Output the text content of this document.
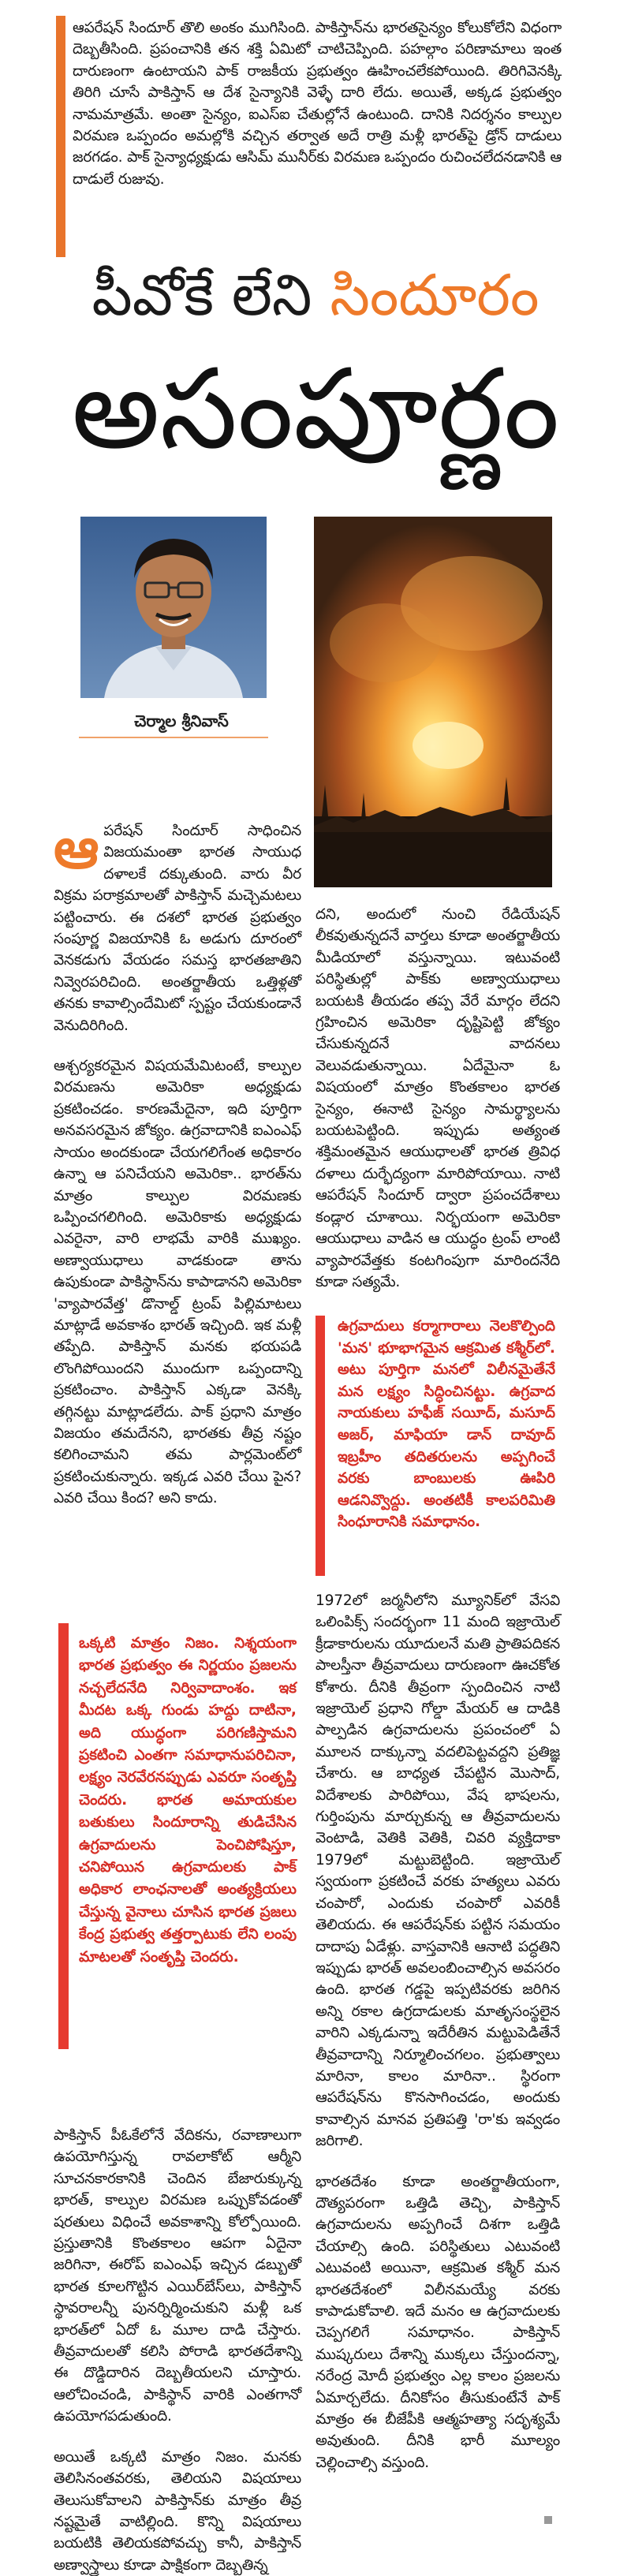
ఆపరేషన్ సిందూర్ తొలి అంకం ముగిసింది. పాకిస్తాన్‌ను భారతసైన్యం కోలుకోలేని విధంగా దెబ్బతీసింది. ప్రపంచానికి తన శక్తి ఏమిటో చాటిచెప్పింది. పహల్గాం పరిణామాలు ఇంత దారుణంగా ఉంటాయని పాక్ రాజకీయ ప్రభుత్వం ఊహించలేకపోయింది. తిరిగివెనక్కి తిరిగి చూసే పాకిస్తాన్ ఆ దేశ సైన్యానికి వెళ్ళే దారి లేదు. అయితే, అక్కడ ప్రభుత్వం నామమాత్రమే. అంతా సైన్యం, ఐఎస్ఐ చేతుల్లోనే ఉంటుంది. దానికి నిదర్శనం కాల్పుల విరమణ ఒప్పందం అమల్లోకి వచ్చిన తర్వాత అదే రాత్రి మళ్లీ భారత్‌పై డ్రోన్ దాడులు జరగడం. పాక్ సైన్యాధ్యక్షుడు ఆసిమ్ మునీర్‌కు విరమణ ఒప్పందం రుచించలేదనడానికి ఆ దాడులే రుజువు.
పీవోకే లేని సిందూరం
అసంపూర్ణం
చెర్మాల శ్రీనివాస్
ఆపరేషన్ సిందూర్ సాధించిన విజయమంతా భారత సాయుధ దళాలకే దక్కుతుంది. వారు వీర విక్రమ పరాక్రమాలతో పాకిస్తాన్ మచ్చెమటలు పట్టించారు. ఈ దశలో భారత ప్రభుత్వం సంపూర్ణ విజయానికి ఓ అడుగు దూరంలో వెనకడుగు వేయడం సమస్త భారతజాతిని నివ్వెరపరిచింది. అంతర్జాతీయ ఒత్తిళ్లతో తనకు కావాల్సిందేమిటో స్పష్టం చేయకుండానే వెనుదిరిగింది.
ఆశ్చర్యకరమైన విషయమేమిటంటే, కాల్పుల విరమణను అమెరికా అధ్యక్షుడు ప్రకటించడం. కారణమేదైనా, ఇది పూర్తిగా అనవసరమైన జోక్యం. ఉగ్రవాదానికి ఐఎంఎఫ్ సాయం అందకుండా చేయగలిగేంత అధికారం ఉన్నా ఆ పనిచేయని అమెరికా.. భారత్‌ను మాత్రం కాల్పుల విరమణకు ఒప్పించగలిగింది. అమెరికాకు అధ్యక్షుడు ఎవరైనా, వారి లాభమే వారికి ముఖ్యం. అణ్వాయుధాలు వాడకుండా తాను ఉపుకుండా పాకిస్థాన్‌ను కాపాడానని అమెరికా 'వ్యాపారవేత్త' డొనాల్డ్ ట్రంప్ పిల్లిమాటలు మాట్లాడే అవకాశం భారత్ ఇచ్చింది. ఇక మళ్లీ తప్పేది. పాకిస్తాన్ మనకు భయపడి లొంగిపోయిందని ముందుగా ఒప్పందాన్ని ప్రకటించాం. పాకిస్తాన్ ఎక్కడా వెనక్కి తగ్గినట్టు మాట్లాడలేదు. పాక్ ప్రధాని మాత్రం విజయం తమదేనని, భారతకు తీవ్ర నష్టం కలిగించామని తమ పార్లమెంట్‌లో ప్రకటించుకున్నారు. ఇక్కడ ఎవరి చేయి పైన? ఎవరి చేయి కింద? అని కాదు.
ఒక్కటి మాత్రం నిజం. నిశ్శయంగా భారత ప్రభుత్వం ఈ నిర్ణయం ప్రజలను నచ్చలేదనేది నిర్వివాదాంశం. ఇక మీదట ఒక్క గుండు హద్దు దాటినా, అది యుద్ధంగా పరిగణిస్తామని ప్రకటించి ఎంతగా సమాధానుపరిచినా, లక్ష్యం నెరవేరనప్పుడు ఎవరూ సంతృప్తి చెందరు. భారత అమాయకుల బతుకులు సిందూరాన్ని తుడిచేసిన ఉగ్రవాదులను పెంచిపోషిస్తూ, చనిపోయిన ఉగ్రవాదులకు పాక్ అధికార లాంఛనాలతో అంత్యక్రియలు చేస్తున్న వైనాలు చూసిన భారత ప్రజలు కేంద్ర ప్రభుత్వ తత్తర్పాటుకు లేని లంపు మాటలతో సంతృప్తి చెందరు.
పాకిస్తాన్ పీఓకేలోనే వేదికను, రవాణాలుగా ఉపయోగిస్తున్న రావలాకోట్ ఆర్మీని సూచనకారకానికి చెందిన బేజారుక్కున్న భారత్, కాల్పుల విరమణ ఒప్పుకోవడంతో షరతులు విధించే అవకాశాన్ని కోల్పోయింది. ప్రస్తుతానికి కొంతకాలం ఆపగా ఏదైనా జరిగినా, ఈరోప్‌ ఐఎంఎఫ్ ఇచ్చిన డబ్బుతో భారత కూలగొట్టిన ఎయిర్‌బేస్‌లు, పాకిస్తాన్ స్థావరాలన్నీ పునర్నిర్మించుకుని మళ్లీ ఒక భారత్‌లో ఏదో ఓ మూల దాడి చేస్తారు. తీవ్రవాదులతో కలిసి పోరాడి భారతదేశాన్ని ఈ దొడ్డిదారిన దెబ్బతీయలని చూస్తారు. ఆలోచించండి, పాకిస్థాన్ వారికి ఎంతగానో ఉపయోగపడుతుంది.
అయితే ఒక్కటి మాత్రం నిజం. మనకు తెలిసినంతవరకు, తెలియని విషయాలు తెలుసుకోవాలని పాకిస్తాన్‌కు మాత్రం తీవ్ర నష్టమైతే వాటిల్లింది. కొన్ని విషయాలు బయటికి తెలియకపోవచ్చు కానీ, పాకిస్తాన్ అణ్వాస్త్రాలు కూడా పాక్షికంగా దెబ్బతిన్న
దని, అందులో నుంచి రేడియేషన్ లీకవుతున్నదనే వార్తలు కూడా అంతర్జాతీయ మీడియాలో వస్తున్నాయి. ఇటువంటి పరిస్థితుల్లో పాక్‌కు అణ్వాయుధాలు బయటకి తీయడం తప్ప వేరే మార్గం లేదని గ్రహించిన అమెరికా దృష్టిపెట్టి జోక్యం చేసుకున్నదనే వాదనలు వెలువడుతున్నాయి. ఏదేమైనా ఓ విషయంలో మాత్రం కొంతకాలం భారత సైన్యం, ఈనాటి సైన్యం సామర్థ్యాలను బయటపెట్టింది. ఇప్పుడు అత్యంత శక్తిమంతమైన ఆయుధాలతో భారత త్రివిధ దళాలు దుర్భేద్యంగా మారిపోయాయి. నాటి ఆపరేషన్ సిందూర్ ద్వారా ప్రపంచదేశాలు కండ్లార చూశాయి. నిర్భయంగా అమెరికా ఆయుధాలు వాడిన ఆ యుద్ధం ట్రంప్ లాంటి వ్యాపారవేత్తకు కంటగింపుగా మారిందనేది కూడా సత్యమే.
ఉగ్రవాదులు కర్మాగారాలు నెలకొల్పింది 'మన' భూభాగమైన ఆక్రమిత కశ్మీర్‌లో. అటు పూర్తిగా మనలో విలీనమైతేనే మన లక్ష్యం సిద్ధించినట్టు. ఉగ్రవాద నాయకులు హఫీజ్ సయీద్, మసూద్ అజర్, మాఫియా డాన్ దావూద్ ఇబ్రహీం తదితరులను అప్పగించే వరకు బాంబులకు ఊపిరి ఆడనివ్వొద్దు. అంతటికీ కాలపరిమితి సింధూరానికి సమాధానం.
1972లో జర్మనీలోని మ్యూనిక్‌లో వేసవి ఒలింపిక్స్ సందర్భంగా 11 మంది ఇజ్రాయెల్ క్రీడాకారులను యూదులనే మతి ప్రాతిపదికన పాలస్తీనా తీవ్రవాదులు దారుణంగా ఊచకోత కోశారు. దీనికి తీవ్రంగా స్పందించిన నాటి ఇజ్రాయెల్ ప్రధాని గోల్డా మేయర్ ఆ దాడికి పాల్పడిన ఉగ్రవాదులను ప్రపంచంలో ఏ మూలన దాక్కున్నా వదలిపెట్టవద్దని ప్రతిజ్ఞ చేశారు. ఆ బాధ్యత చేపట్టిన మొసాద్, విదేశాలకు పారిపోయి, వేష భాషలను, గుర్తింపును మార్చుకున్న ఆ తీవ్రవాదులను వెంటాడి, వెతికి వెతికి, చివరి వ్యక్తిదాకా 1979లో మట్టుబెట్టింది. ఇజ్రాయెల్ స్వయంగా ప్రకటించే వరకు హత్యలు ఎవరు చంపారో, ఎందుకు చంపారో ఎవరికీ తెలియదు. ఈ ఆపరేషన్‌కు పట్టిన సమయం దాదాపు ఏడేళ్లు. వాస్తవానికి ఆనాటి పద్ధతిని ఇప్పుడు భారత్ అవలంబించాల్సిన అవసరం ఉంది. భారత గడ్డపై ఇప్పటివరకు జరిగిన అన్ని రకాల ఉగ్రదాడులకు మాతృసంస్థలైన వారిని ఎక్కడున్నా ఇదేరీతిన మట్టుపెడితేనే తీవ్రవాదాన్ని నిర్మూలించగలం. ప్రభుత్వాలు మారినా, కాలం మారినా.. స్థిరంగా ఆపరేషన్‌ను కొనసాగించడం, అందుకు కావాల్సిన మానవ ప్రతిపత్తి 'రా'కు ఇవ్వడం జరిగాలి.
భారతదేశం కూడా అంతర్జాతీయంగా, దౌత్యపరంగా ఒత్తిడి తెచ్చి, పాకిస్తాన్ ఉగ్రవాదులను అప్పగించే దిశగా ఒత్తిడి చేయాల్సి ఉంది. పరిస్థితులు ఎటువంటి ఎటువంటి అయినా, ఆక్రమిత కశ్మీర్ మన భారతదేశంలో విలీనమయ్యే వరకు కాపాడుకోవాలి. ఇదే మనం ఆ ఉగ్రవాదులకు చెప్పగలిగే సమాధానం. పాకిస్తాన్ ముష్కరులు దేశాన్ని ముక్కలు చేస్తుందన్నా, నరేంద్ర మోదీ ప్రభుత్వం ఎల్ల కాలం ప్రజలను ఏమార్చలేదు. దీనికోసం తీసుకుంటేనే పాక్ మాత్రం ఈ బీజేపీకి ఆత్మహత్యా సదృశ్యమే అవుతుంది. దీనికి భారీ మూల్యం చెల్లించాల్సి వస్తుంది.
